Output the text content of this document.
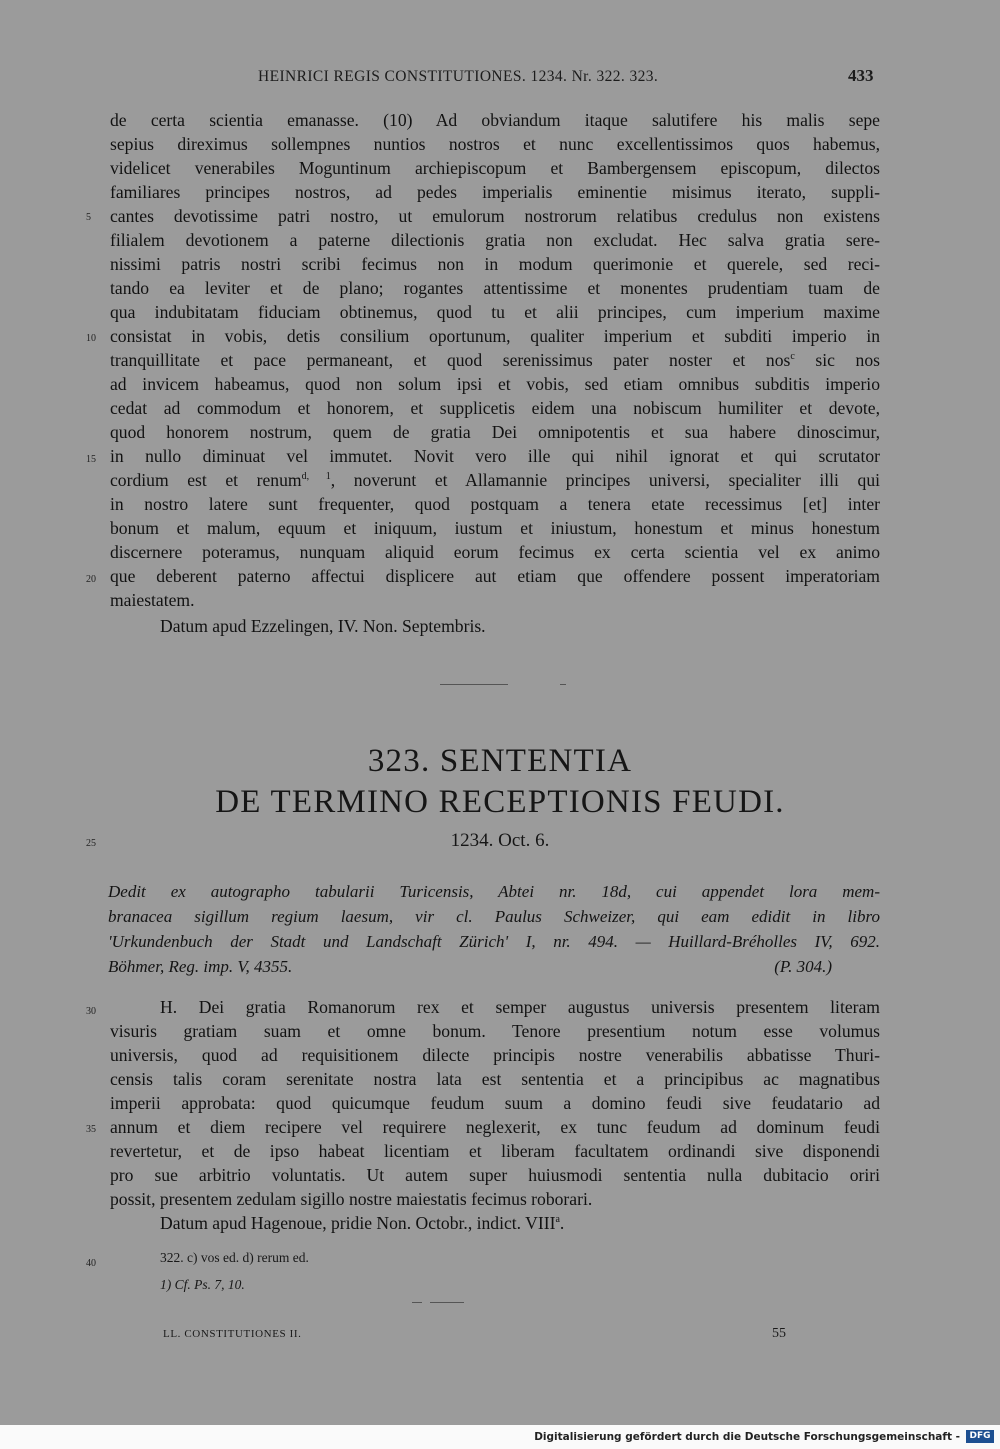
HEINRICI REGIS CONSTITUTIONES. 1234. Nr. 322. 323.	433
de certa scientia emanasse. (10) Ad obviandum itaque salutifere his malis sepe
sepius direximus sollempnes nuntios nostros et nunc excellentissimos quos habemus,
videlicet venerabiles Moguntinum archiepiscopum et Bambergensem episcopum, dilectos
familiares principes nostros, ad pedes imperialis eminentie misimus iterato, suppli-
cantes devotissime patri nostro, ut emulorum nostrorum relatibus credulus non existens
filialem devotionem a paterne dilectionis gratia non excludat. Hec salva gratia sere-
nissimi patris nostri scribi fecimus non in modum querimonie et querele, sed reci-
tando ea leviter et de plano; rogantes attentissime et monentes prudentiam tuam de
qua indubitatam fiduciam obtinemus, quod tu et alii principes, cum imperium maxime
consistat in vobis, detis consilium oportunum, qualiter imperium et subditi imperio in
tranquillitate et pace permaneant, et quod serenissimus pater noster et nos$^c$ sic nos
ad invicem habeamus, quod non solum ipsi et vobis, sed etiam omnibus subditis imperio
cedat ad commodum et honorem, et supplicetis eidem una nobiscum humiliter et devote,
quod honorem nostrum, quem de gratia Dei omnipotentis et sua habere dinoscimur,
in nullo diminuat vel immutet. Novit vero ille qui nihil ignorat et qui scrutator
cordium est et renum$^{d, 1}$, noverunt et Allamannie principes universi, specialiter illi qui
in nostro latere sunt frequenter, quod postquam a tenera etate recessimus [et] inter
bonum et malum, equum et iniquum, iustum et iniustum, honestum et minus honestum
discernere poteramus, nunquam aliquid eorum fecimus ex certa scientia vel ex animo
que deberent paterno affectui displicere aut etiam que offendere possent imperatoriam
maiestatem.
Datum apud Ezzelingen, IV. Non. Septembris.
5
10
15
20
25
30
35
40
323. SENTENTIA
DE TERMINO RECEPTIONIS FEUDI.
1234. Oct. 6.
Dedit ex autographo tabularii Turicensis, Abtei nr. 18d, cui appendet lora mem-
branacea sigillum regium laesum, vir cl. Paulus Schweizer, qui eam edidit in libro
'Urkundenbuch der Stadt und Landschaft Zürich' I, nr. 494. — Huillard-Bréholles IV, 692.
Böhmer, Reg. imp. V, 4355.	(P. 304.)
H. Dei gratia Romanorum rex et semper augustus universis presentem literam
visuris gratiam suam et omne bonum. Tenore presentium notum esse volumus
universis, quod ad requisitionem dilecte principis nostre venerabilis abbatisse Thuri-
censis talis coram serenitate nostra lata est sententia et a principibus ac magnatibus
imperii approbata: quod quicumque feudum suum a domino feudi sive feudatario ad
annum et diem recipere vel requirere neglexerit, ex tunc feudum ad dominum feudi
revertetur, et de ipso habeat licentiam et liberam facultatem ordinandi sive disponendi
pro sue arbitrio voluntatis. Ut autem super huiusmodi sententia nulla dubitacio oriri
possit, presentem zedulam sigillo nostre maiestatis fecimus roborari.
Datum apud Hagenoue, pridie Non. Octobr., indict. VIII$^a$.
322. c) vos ed. d) rerum ed.
1) Cf. Ps. 7, 10.
LL. CONSTITUTIONES II.	55
Digitalisierung gefördert durch die Deutsche Forschungsgemeinschaft -	DFG
